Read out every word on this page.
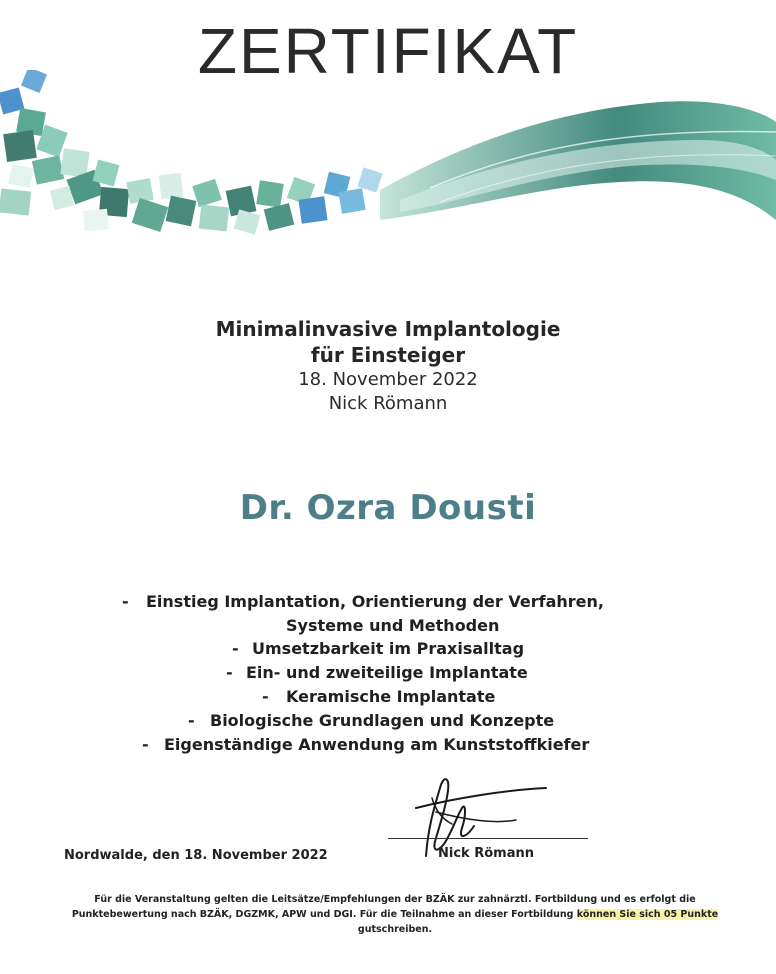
ZERTIFIKAT
Minimalinvasive Implantologie
für Einsteiger
18. November 2022
Nick Römann
Dr. Ozra Dousti
- Einstieg Implantation, Orientierung der Verfahren,
Systeme und Methoden
- Umsetzbarkeit im Praxisalltag
- Ein- und zweiteilige Implantate
- Keramische Implantate
- Biologische Grundlagen und Konzepte
- Eigenständige Anwendung am Kunststoffkiefer
Nordwalde, den 18. November 2022	Nick Römann
Für die Veranstaltung gelten die Leitsätze/Empfehlungen der BZÄK zur zahnärztl. Fortbildung und es erfolgt die
Punktebewertung nach BZÄK, DGZMK, APW und DGI. Für die Teilnahme an dieser Fortbildung können Sie sich 05 Punkte
gutschreiben.
